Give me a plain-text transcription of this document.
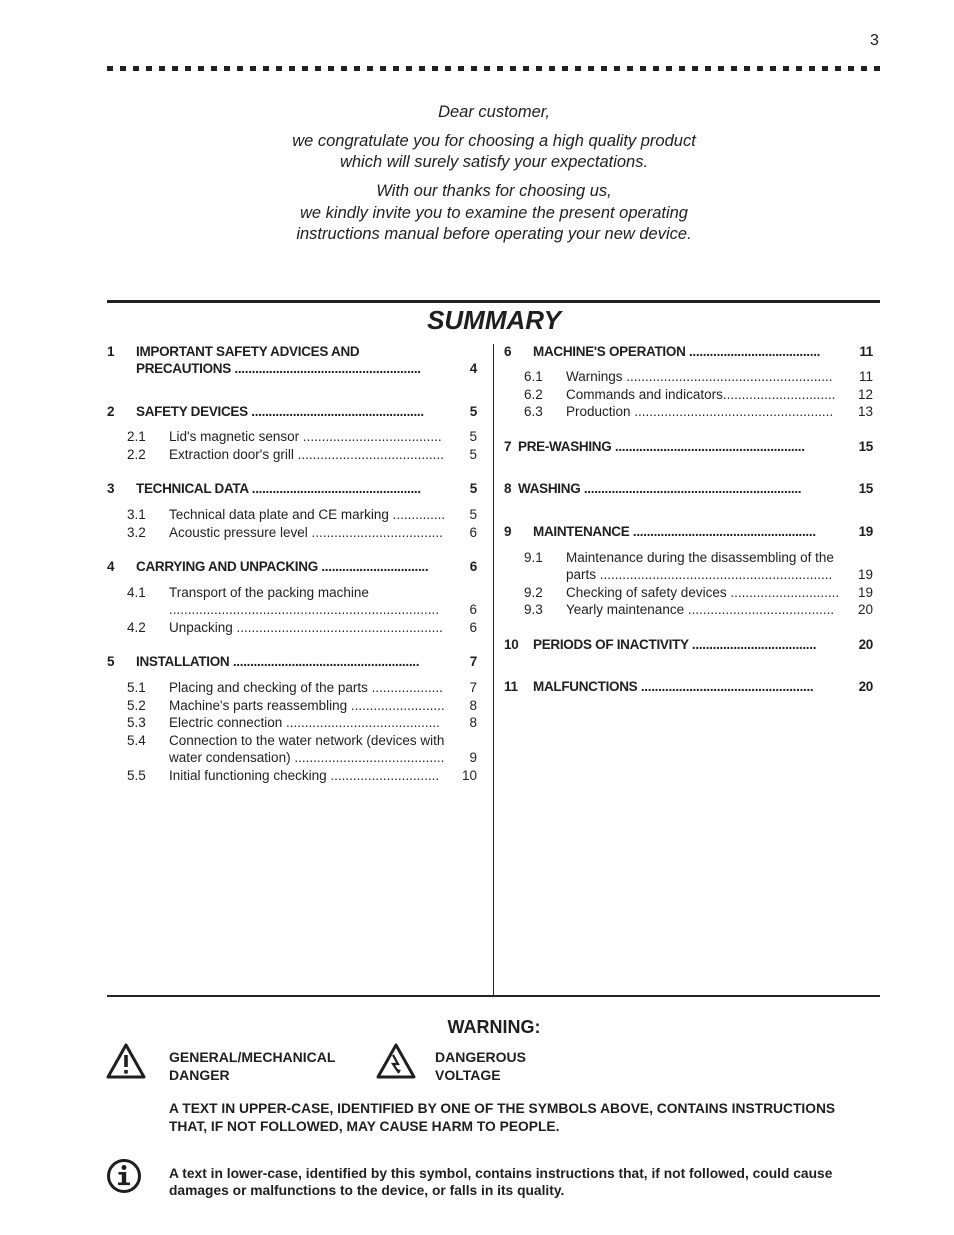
3
Dear customer,
we congratulate you for choosing a high quality product
which will surely satisfy your expectations.
With our thanks for choosing us,
we kindly invite you to examine the present operating
instructions manual before operating your new device.
SUMMARY
1 IMPORTANT SAFETY ADVICES AND
PRECAUTIONS ......................................................	4
2 SAFETY DEVICES ..................................................	5
2.1 Lid's magnetic sensor .....................................	5
2.2 Extraction door's grill .......................................	5
3 TECHNICAL DATA .................................................	5
3.1 Technical data plate and CE marking ..............	5
3.2 Acoustic pressure level ...................................	6
4 CARRYING AND UNPACKING ...............................	6
4.1 Transport of the packing machine
........................................................................	6
4.2 Unpacking .......................................................	6
5 INSTALLATION ......................................................	7
5.1 Placing and checking of the parts ...................	7
5.2 Machine's parts reassembling .........................	8
5.3 Electric connection .........................................	8
5.4 Connection to the water network (devices with
water condensation) ........................................	9
5.5 Initial functioning checking .............................	10
6 MACHINE'S OPERATION ......................................	11
6.1 Warnings .......................................................	11
6.2 Commands and indicators..............................	12
6.3 Production .....................................................	13
7 PRE-WASHING .......................................................	15
8 WASHING ...............................................................	15
9 MAINTENANCE .....................................................	19
9.1 Maintenance during the disassembling of the
parts ..............................................................	19
9.2 Checking of safety devices .............................	19
9.3 Yearly maintenance .......................................	20
10 PERIODS OF INACTIVITY ....................................	20
11 MALFUNCTIONS ..................................................	20
WARNING:
GENERAL/MECHANICAL
DANGER
DANGEROUS
VOLTAGE
A TEXT IN UPPER-CASE, IDENTIFIED BY ONE OF THE SYMBOLS ABOVE, CONTAINS INSTRUCTIONS
THAT, IF NOT FOLLOWED, MAY CAUSE HARM TO PEOPLE.
A text in lower-case, identified by this symbol, contains instructions that, if not followed, could cause
damages or malfunctions to the device, or falls in its quality.
